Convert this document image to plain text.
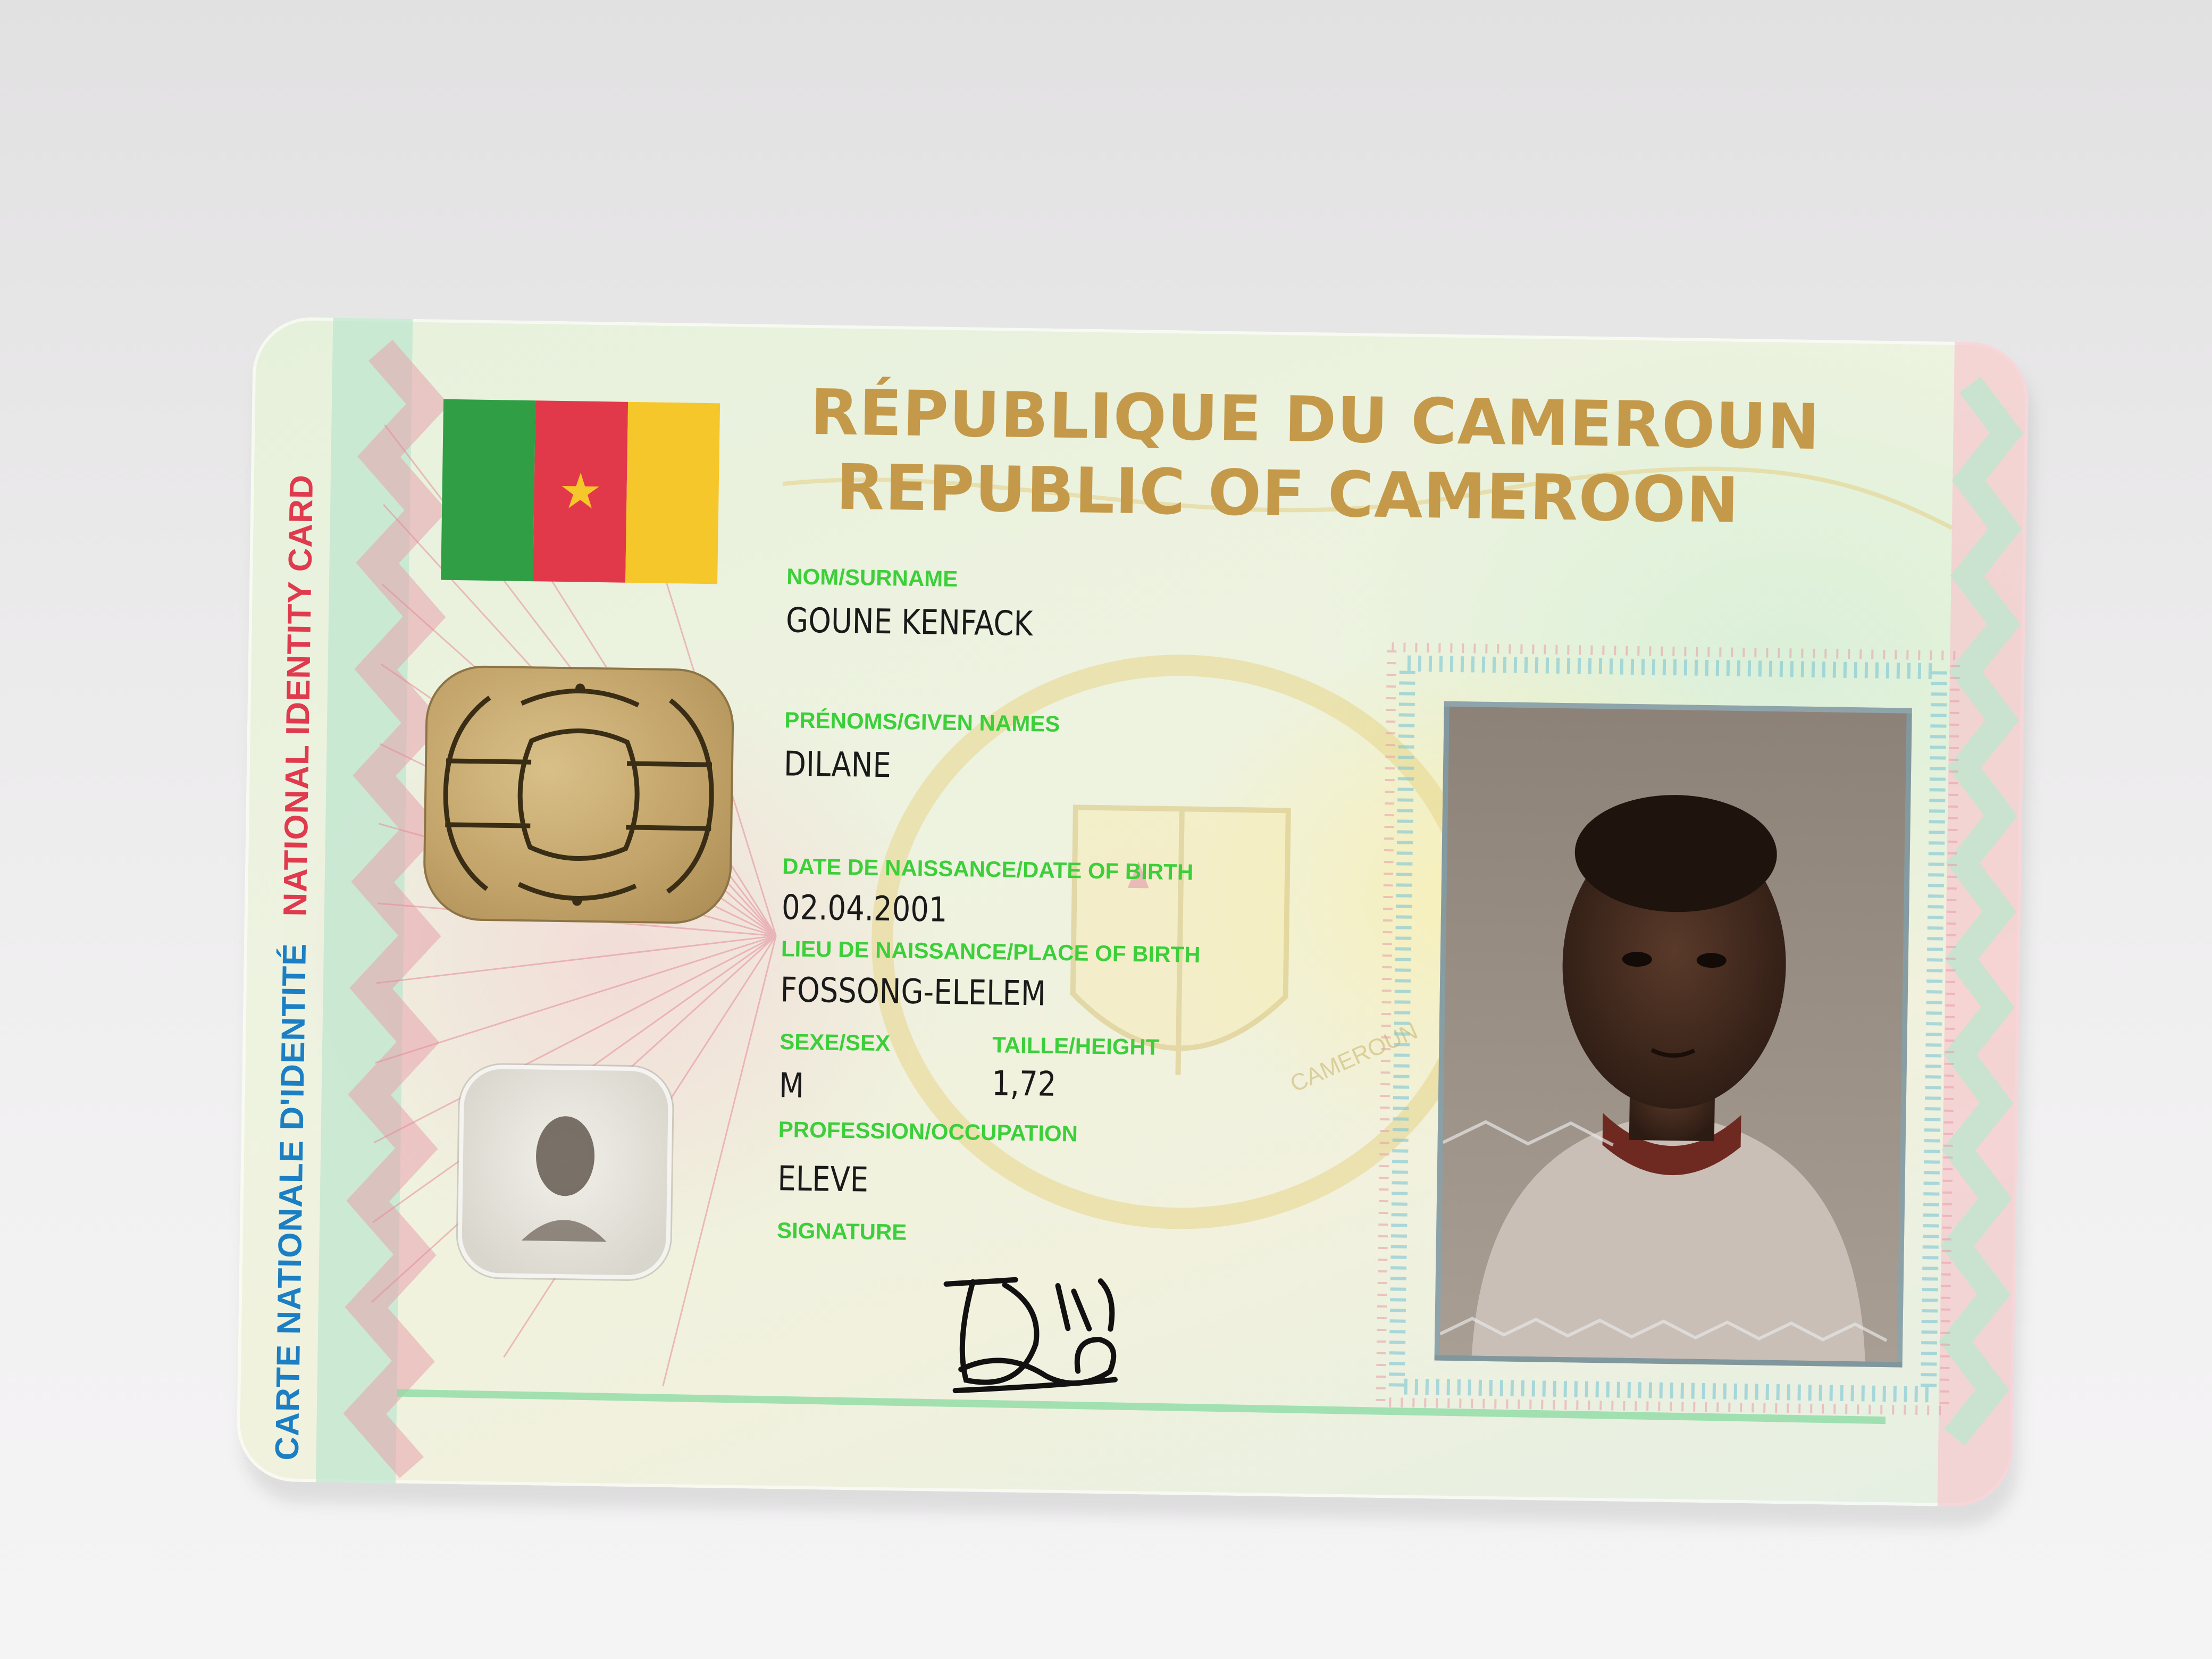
CAMEROUN
CARTE NATIONALE D'IDENTITÉNATIONAL IDENTITY CARD	★
RÉPUBLIQUE DU CAMEROUN
REPUBLIC OF CAMEROON
NOM/SURNAME
GOUNE KENFACK
PRÉNOMS/GIVEN NAMES
DILANE
DATE DE NAISSANCE/DATE OF BIRTH
02.04.2001
LIEU DE NAISSANCE/PLACE OF BIRTH
FOSSONG-ELELEM
SEXE/SEX
M
TAILLE/HEIGHT
1,72
PROFESSION/OCCUPATION
ELEVE
SIGNATURE
